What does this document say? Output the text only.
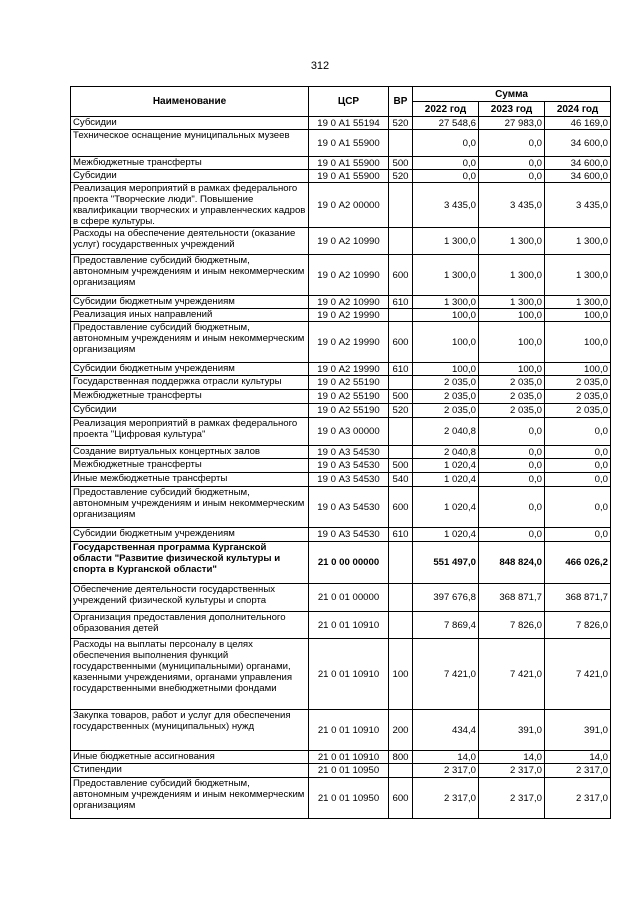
312
Наименование	ЦСР	ВР	Сумма		
			2022 год	2023 год	2024 год
Субсидии	19 0 А1 55194	520	27 548,6	27 983,0	46 169,0
Техническое оснащение муниципальных музеев	19 0 А1 55900		0,0	0,0	34 600,0
Межбюджетные трансферты	19 0 А1 55900	500	0,0	0,0	34 600,0
Субсидии	19 0 А1 55900	520	0,0	0,0	34 600,0
Реализация мероприятий в рамках федерального проекта "Творческие люди". Повышение квалификации творческих и управленческих кадров в сфере культуры.	19 0 А2 00000		3 435,0	3 435,0	3 435,0
Расходы на обеспечение деятельности (оказание услуг) государственных учреждений	19 0 А2 10990		1 300,0	1 300,0	1 300,0
Предоставление субсидий бюджетным, автономным учреждениям и иным некоммерческим организациям	19 0 А2 10990	600	1 300,0	1 300,0	1 300,0
Субсидии бюджетным учреждениям	19 0 А2 10990	610	1 300,0	1 300,0	1 300,0
Реализация иных направлений	19 0 А2 19990		100,0	100,0	100,0
Предоставление субсидий бюджетным, автономным учреждениям и иным некоммерческим организациям	19 0 А2 19990	600	100,0	100,0	100,0
Субсидии бюджетным учреждениям	19 0 А2 19990	610	100,0	100,0	100,0
Государственная поддержка отрасли культуры	19 0 А2 55190		2 035,0	2 035,0	2 035,0
Межбюджетные трансферты	19 0 А2 55190	500	2 035,0	2 035,0	2 035,0
Субсидии	19 0 А2 55190	520	2 035,0	2 035,0	2 035,0
Реализация мероприятий в рамках федерального проекта "Цифровая культура"	19 0 А3 00000		2 040,8	0,0	0,0
Создание виртуальных концертных залов	19 0 А3 54530		2 040,8	0,0	0,0
Межбюджетные трансферты	19 0 А3 54530	500	1 020,4	0,0	0,0
Иные межбюджетные трансферты	19 0 А3 54530	540	1 020,4	0,0	0,0
Предоставление субсидий бюджетным, автономным учреждениям и иным некоммерческим организациям	19 0 А3 54530	600	1 020,4	0,0	0,0
Субсидии бюджетным учреждениям	19 0 А3 54530	610	1 020,4	0,0	0,0
Государственная программа Курганской области "Развитие физической культуры и спорта в Курганской области"	21 0 00 00000		551 497,0	848 824,0	466 026,2
Обеспечение деятельности государственных учреждений физической культуры и спорта	21 0 01 00000		397 676,8	368 871,7	368 871,7
Организация предоставления дополнительного образования детей	21 0 01 10910		7 869,4	7 826,0	7 826,0
Расходы на выплаты персоналу в целях обеспечения выполнения функций государственными (муниципальными) органами, казенными учреждениями, органами управления государственными внебюджетными фондами	21 0 01 10910	100	7 421,0	7 421,0	7 421,0
Закупка товаров, работ и услуг для обеспечения государственных (муниципальных) нужд	21 0 01 10910	200	434,4	391,0	391,0
Иные бюджетные ассигнования	21 0 01 10910	800	14,0	14,0	14,0
Стипендии	21 0 01 10950		2 317,0	2 317,0	2 317,0
Предоставление субсидий бюджетным, автономным учреждениям и иным некоммерческим организациям	21 0 01 10950	600	2 317,0	2 317,0	2 317,0
